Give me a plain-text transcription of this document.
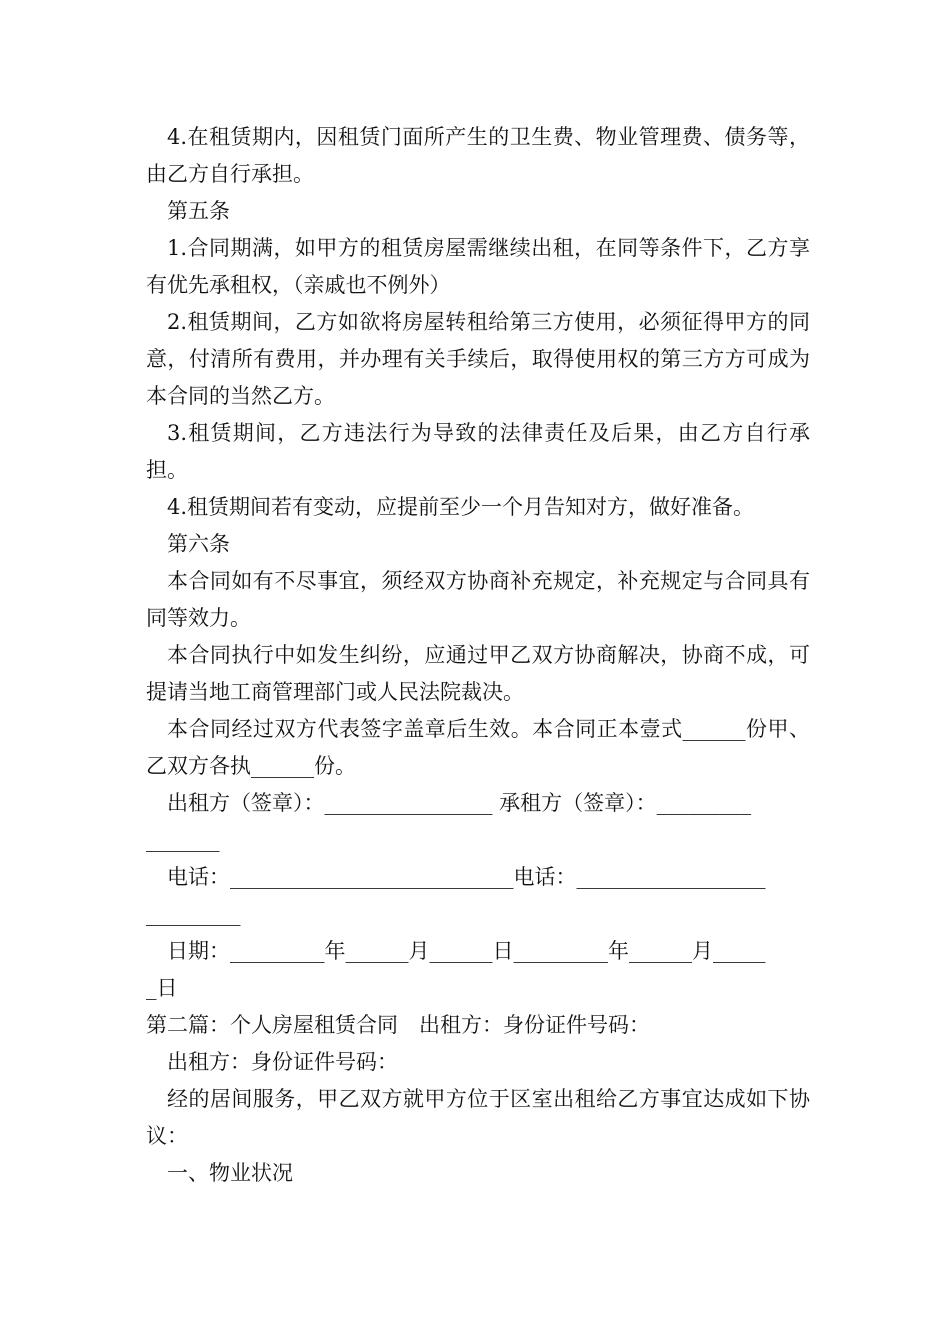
4.在租赁期内，因租赁门面所产生的卫生费、物业管理费、债务等，由乙方自行承担。

第五条

1.合同期满，如甲方的租赁房屋需继续出租，在同等条件下，乙方享有优先承租权，（亲戚也不例外）

2.租赁期间，乙方如欲将房屋转租给第三方使用，必须征得甲方的同意，付清所有费用，并办理有关手续后，取得使用权的第三方方可成为本合同的当然乙方。

3.租赁期间，乙方违法行为导致的法律责任及后果，由乙方自行承担。

4.租赁期间若有变动，应提前至少一个月告知对方，做好准备。

第六条

本合同如有不尽事宜，须经双方协商补充规定，补充规定与合同具有同等效力。

本合同执行中如发生纠纷，应通过甲乙双方协商解决，协商不成，可提请当地工商管理部门或人民法院裁决。

本合同经过双方代表签字盖章后生效。本合同正本壹式______份甲、乙双方各执______份。

出租方（签章）：________________ 承租方（签章）：_________

_______

电话：___________________________电话：__________________

_________

日期：_________年______月______日_________年______月_____

_日

第二篇：个人房屋租赁合同　出租方：身份证件号码：

出租方：身份证件号码：

经的居间服务，甲乙双方就甲方位于区室出租给乙方事宜达成如下协议：

一、物业状况
